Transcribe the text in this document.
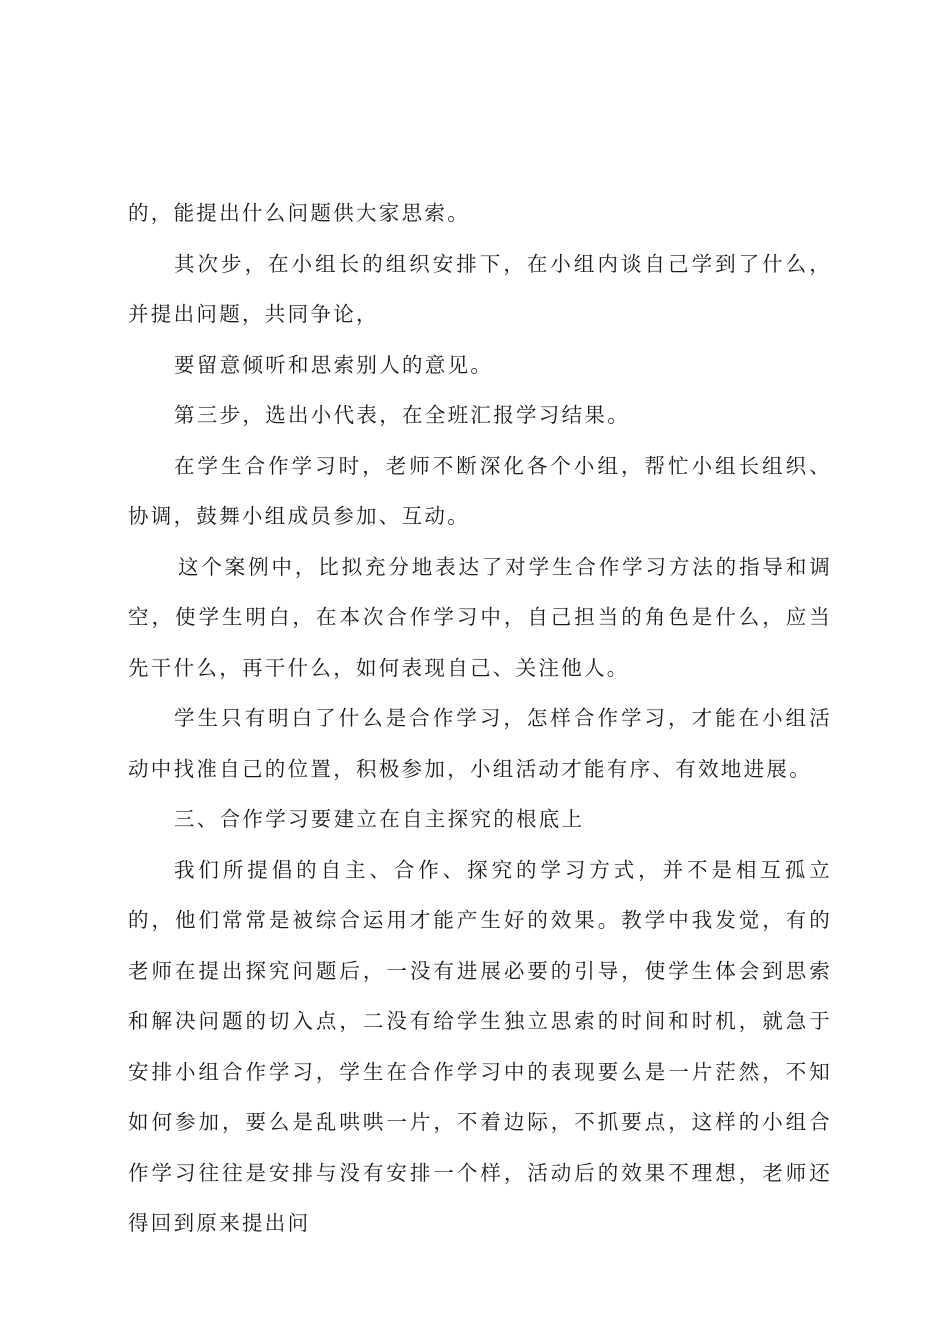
的，能提出什么问题供大家思索。

其次步，在小组长的组织安排下，在小组内谈自己学到了什么，并提出问题，共同争论，

要留意倾听和思索别人的意见。

第三步，选出小代表，在全班汇报学习结果。

在学生合作学习时，老师不断深化各个小组，帮忙小组长组织、协调，鼓舞小组成员参加、互动。

这个案例中，比拟充分地表达了对学生合作学习方法的指导和调空，使学生明白，在本次合作学习中，自己担当的角色是什么，应当先干什么，再干什么，如何表现自己、关注他人。

学生只有明白了什么是合作学习，怎样合作学习，才能在小组活动中找准自己的位置，积极参加，小组活动才能有序、有效地进展。

三、合作学习要建立在自主探究的根底上

我们所提倡的自主、合作、探究的学习方式，并不是相互孤立的，他们常常是被综合运用才能产生好的效果。教学中我发觉，有的老师在提出探究问题后，一没有进展必要的引导，使学生体会到思索和解决问题的切入点，二没有给学生独立思索的时间和时机，就急于安排小组合作学习，学生在合作学习中的表现要么是一片茫然，不知如何参加，要么是乱哄哄一片，不着边际，不抓要点，这样的小组合作学习往往是安排与没有安排一个样，活动后的效果不理想，老师还得回到原来提出问
